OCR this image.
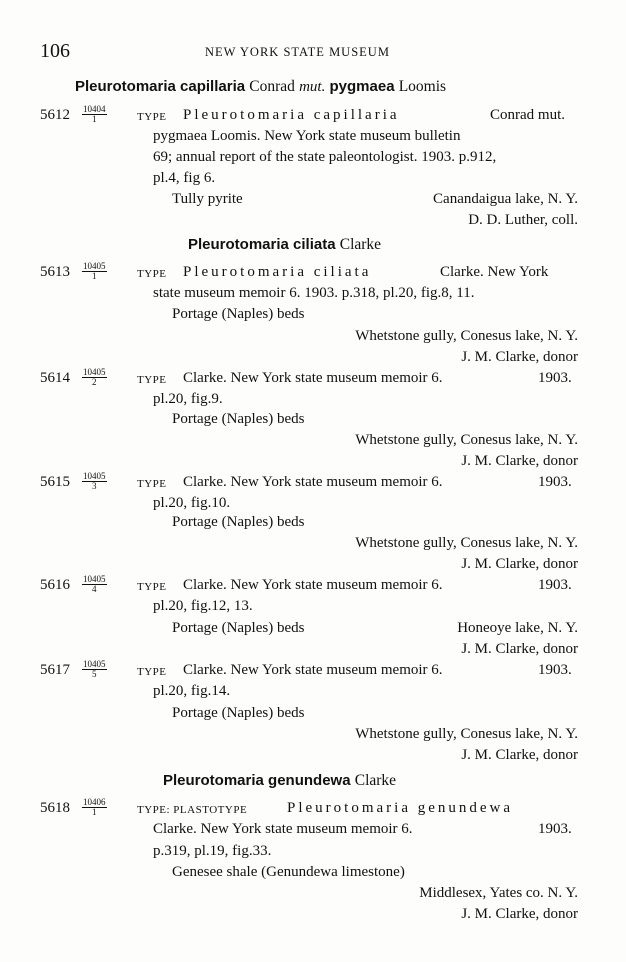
106	NEW YORK STATE MUSEUM
Pleurotomaria capillaria Conrad mut. pygmaea Loomis
$5612 \frac{10404}{1}$	TYPE Pleurotomaria capillaria	Conrad mut.
pygmaea Loomis. New York state museum bulletin
69; annual report of the state paleontologist. 1903. p.912,
pl.4, fig 6.
Tully pyrite	Canandaigua lake, N. Y.
D. D. Luther, coll.
Pleurotomaria ciliata Clarke
$5613 \frac{10405}{1}$	TYPE Pleurotomaria ciliata	Clarke. New York
state museum memoir 6. 1903. p.318, pl.20, fig.8, 11.
Portage (Naples) beds
Whetstone gully, Conesus lake, N. Y.
J. M. Clarke, donor
$5614 \frac{10405}{2}$	TYPE Clarke. New York state museum memoir 6.	1903.
pl.20, fig.9.
Portage (Naples) beds
Whetstone gully, Conesus lake, N. Y.
J. M. Clarke, donor
$5615 \frac{10405}{3}$	TYPE Clarke. New York state museum memoir 6.	1903.
pl.20, fig.10.
Portage (Naples) beds
Whetstone gully, Conesus lake, N. Y.
J. M. Clarke, donor
$5616 \frac{10405}{4}$	TYPE Clarke. New York state museum memoir 6.	1903.
pl.20, fig.12, 13.
Portage (Naples) beds	Honeoye lake, N. Y.
J. M. Clarke, donor
$5617 \frac{10405}{5}$	TYPE Clarke. New York state museum memoir 6.	1903.
pl.20, fig.14.
Portage (Naples) beds
Whetstone gully, Conesus lake, N. Y.
J. M. Clarke, donor
Pleurotomaria genundewa Clarke
$5618 \frac{10406}{1}$	TYPE: PLASTOTYPE	Pleurotomaria genundewa
Clarke. New York state museum memoir 6.	1903.
p.319, pl.19, fig.33.
Genesee shale (Genundewa limestone)
Middlesex, Yates co. N. Y.
J. M. Clarke, donor
